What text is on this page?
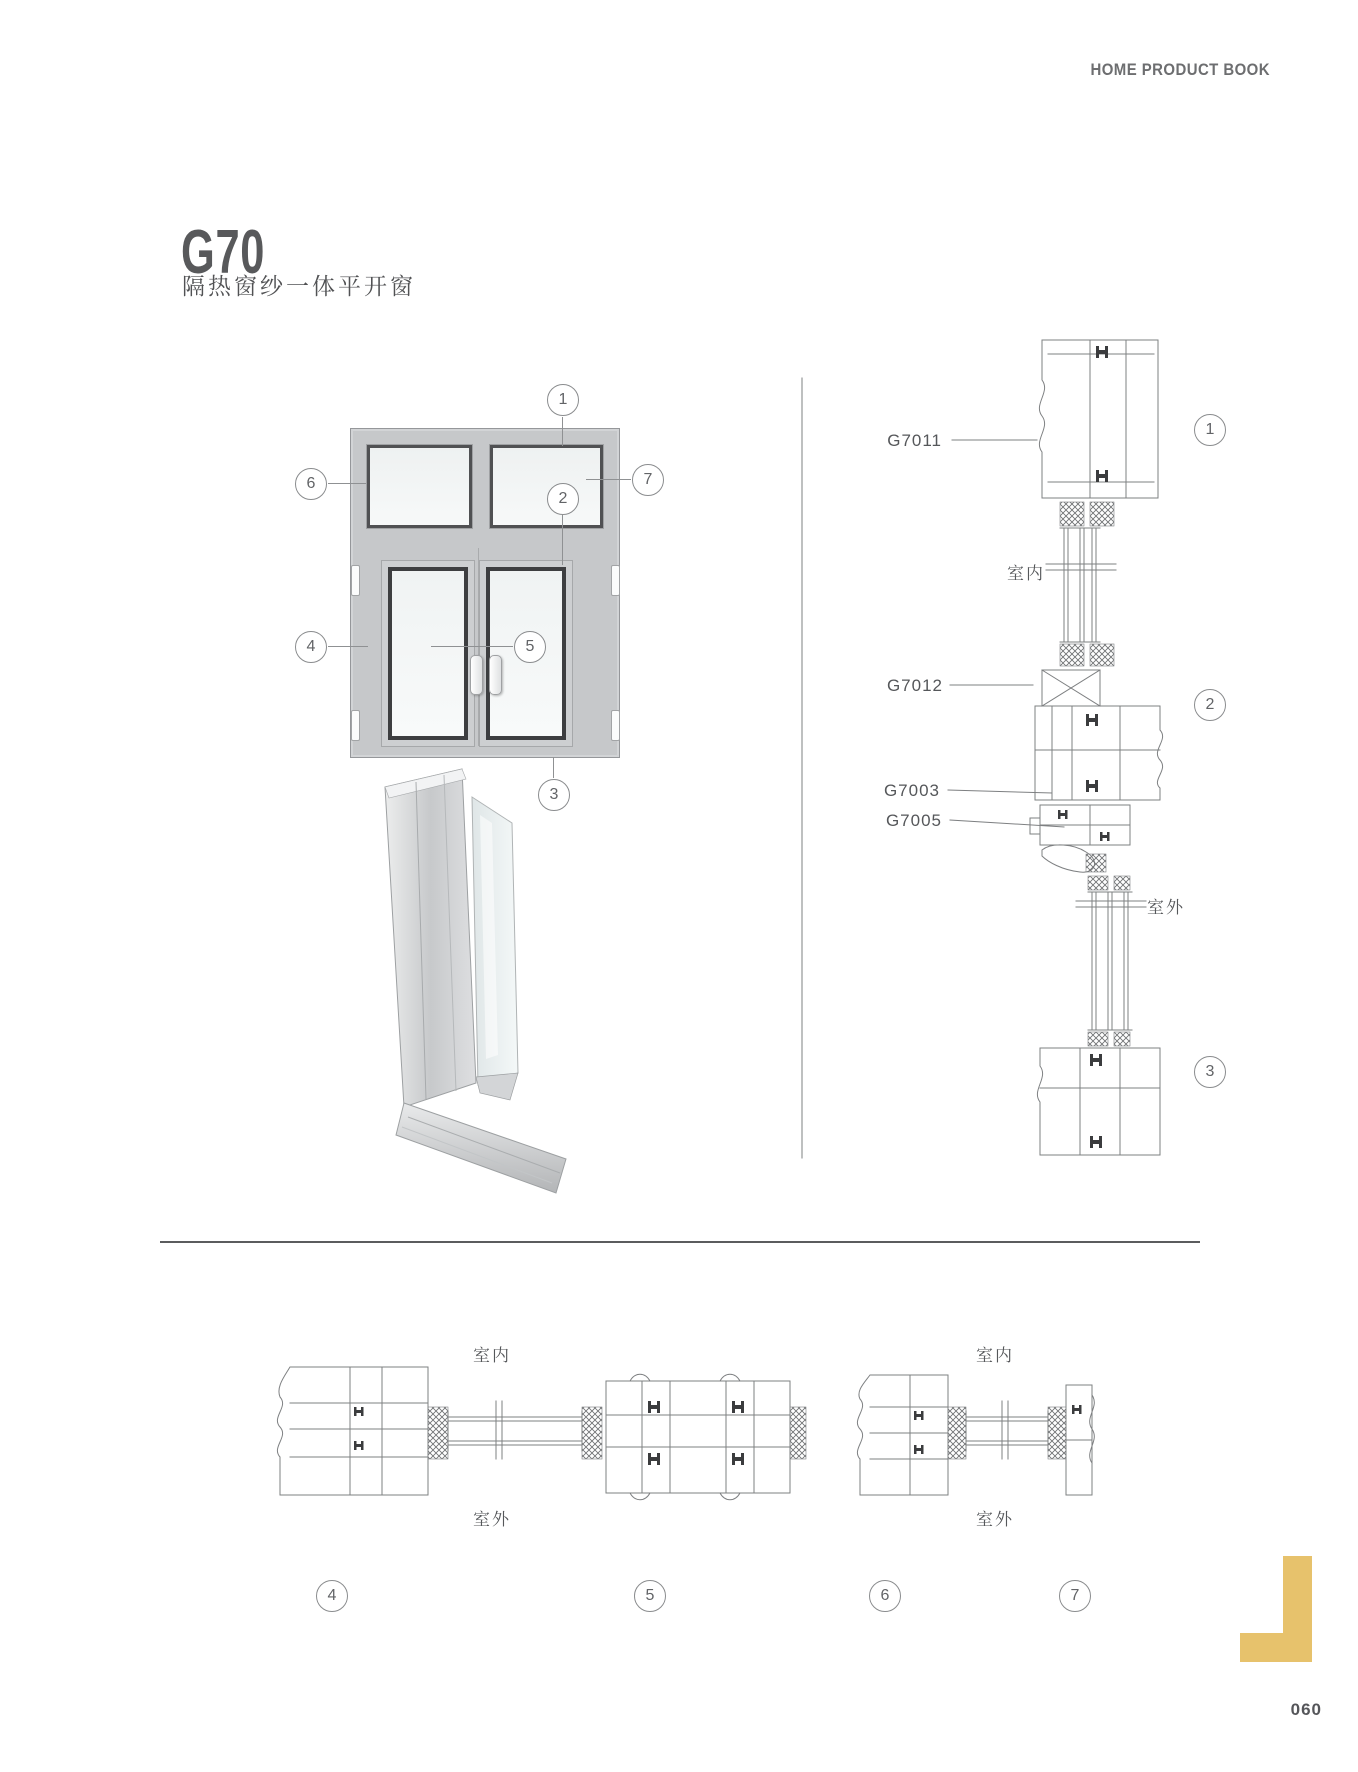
HOME PRODUCT BOOK
G70
隔热窗纱一体平开窗
1
2
3
4	5
6	7
G7011
室内
G7012
G7003
G7005
室外
1
2
3
室内
室外
室内
室外
4	5	6	7
060
